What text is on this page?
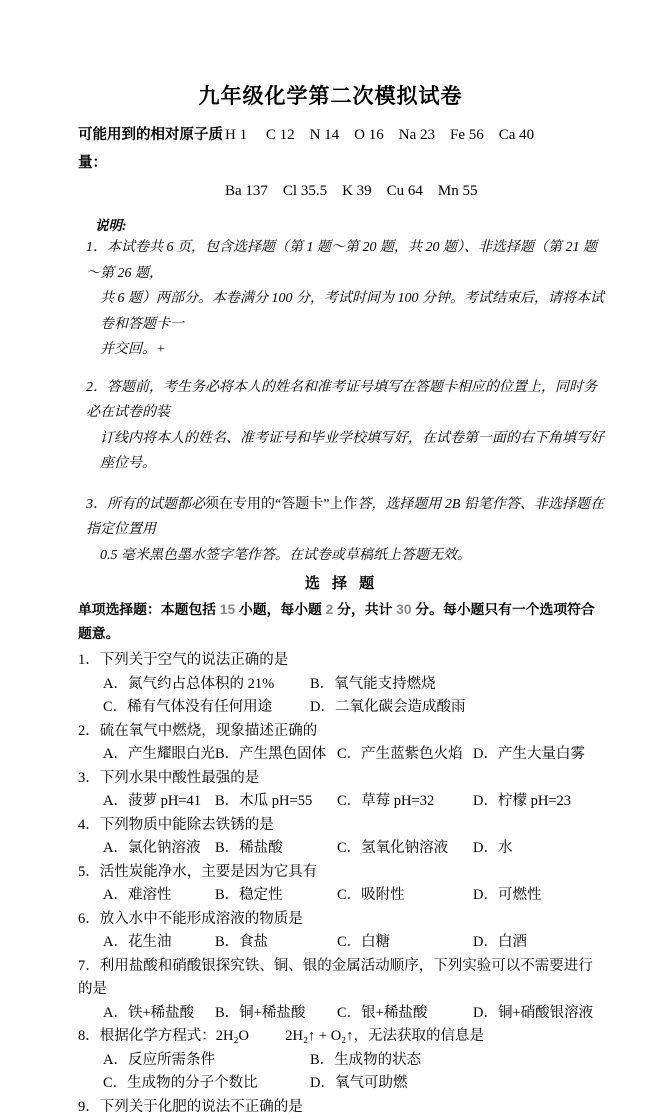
九年级化学第二次模拟试卷
可能用到的相对原子质量：
H 1     C 12    N 14    O 16    Na 23    Fe 56    Ca 40
Ba 137    Cl 35.5    K 39    Cu 64    Mn 55
说明:
1．本试卷共 6 页，包含选择题（第 1 题～第 20 题，共 20 题）、非选择题（第 21 题～第 26 题，
共 6 题）两部分。本卷满分 100 分，考试时间为 100 分钟。考试结束后，请将本试卷和答题卡一
并交回。+
2．答题前，考生务必将本人的姓名和准考证号填写在答题卡相应的位置上，同时务必在试卷的装
订线内将本人的姓名、准考证号和毕业学校填写好，在试卷第一面的右下角填写好座位号。
3．所有的试题都必须在专用的“答题卡”上作答，选择题用 2B 铅笔作答、非选择题在指定位置用
0.5 毫米黑色墨水签字笔作答。在试卷或草稿纸上答题无效。
选 择 题
单项选择题：本题包括 15 小题，每小题 2 分，共计 30 分。每小题只有一个选项符合题意。
1．下列关于空气的说法正确的是
A．氮气约占总体积的 21%	B．氧气能支持燃烧
C．稀有气体没有任何用途	D．二氧化碳会造成酸雨
2．硫在氧气中燃烧，现象描述正确的
A．产生耀眼白光 B．产生黑色固体 C．产生蓝紫色火焰 D．产生大量白雾
3．下列水果中酸性最强的是
A．菠萝 pH=41 B．木瓜 pH=55	C．草莓 pH=32	D．柠檬 pH=23
4．下列物质中能除去铁锈的是
A．氯化钠溶液	B．稀盐酸	C．氢氧化钠溶液	D．水
5．活性炭能净水，主要是因为它具有
A．难溶性	B．稳定性	C．吸附性	D．可燃性
6．放入水中不能形成溶液的物质是
A．花生油	B．食盐	C．白糖	D．白酒
7．利用盐酸和硝酸银探究铁、铜、银的金属活动顺序，下列实验可以不需要进行的是
A．铁+稀盐酸	B．铜+稀盐酸	C．银+稀盐酸	D．铜+硝酸银溶液
8．根据化学方程式：2H₂O          2H₂↑ + O₂↑，无法获取的信息是
A．反应所需条件	B．生成物的状态
C．生成物的分子个数比	D．氧气可助燃
9．下列关于化肥的说法不正确的是
